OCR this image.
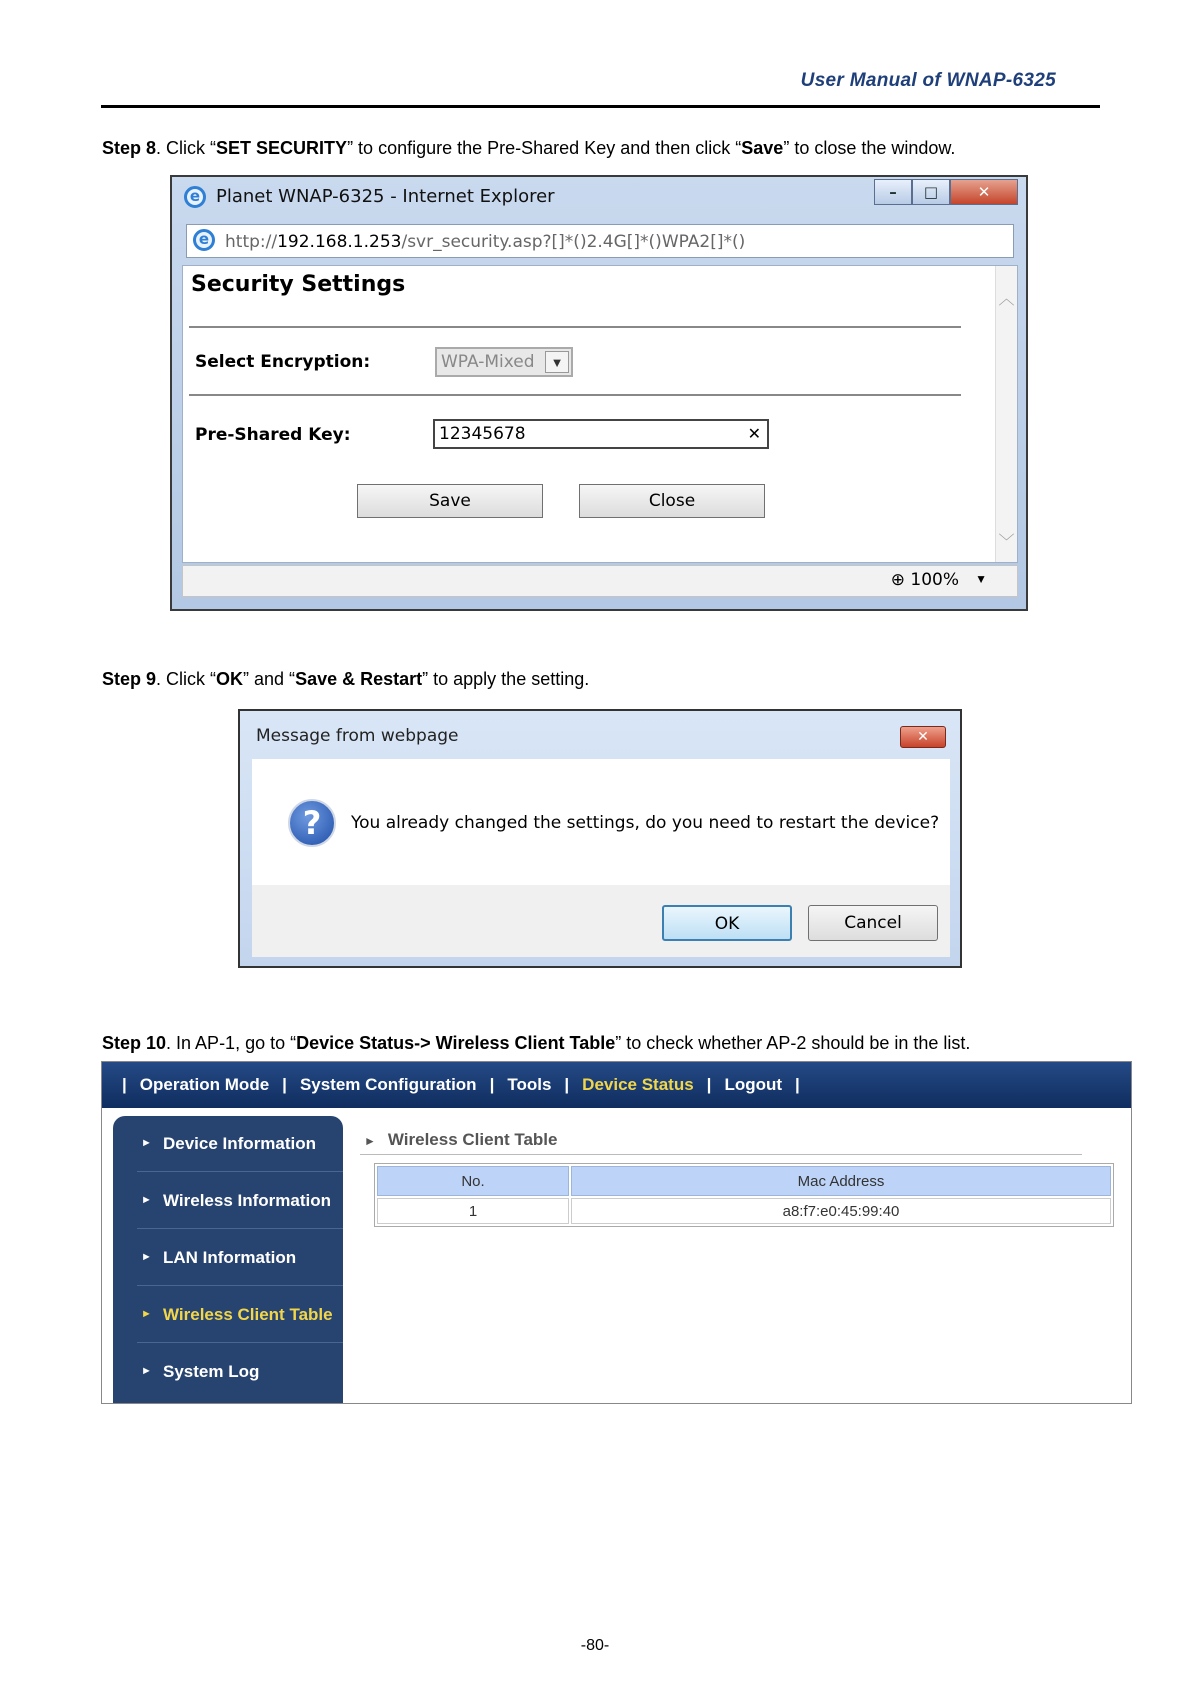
User Manual of WNAP-6325
Step 8. Click “SET SECURITY” to configure the Pre-Shared Key and then click “Save” to close the window.
e Planet WNAP-6325 - Internet Explorer	–	□	✕
e http://192.168.1.253/svr_security.asp?[]*()2.4G[]*()WPA2[]*()
Security Settings
Select Encryption:	WPA-Mixed	▼
Pre-Shared Key:	12345678	✕
Save	Close
︿
﹀
⊕ 100% ▼
Step 9. Click “OK” and “Save & Restart” to apply the setting.
Message from webpage	✕
?	You already changed the settings, do you need to restart the device?
OK	Cancel
Step 10. In AP-1, go to “Device Status-> Wireless Client Table” to check whether AP-2 should be in the list.
| Operation Mode | System Configuration | Tools | Device Status | Logout |
► Device Information
► Wireless Information
► LAN Information
► Wireless Client Table
► System Log
► Wireless Client Table
No.	Mac Address
1	a8:f7:e0:45:99:40
-80-
